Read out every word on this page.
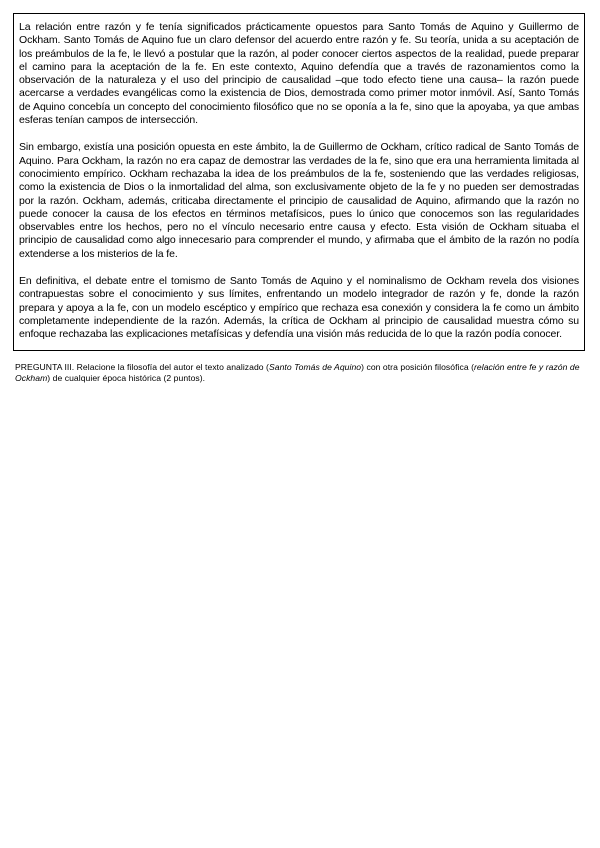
La relación entre razón y fe tenía significados prácticamente opuestos para Santo Tomás de Aquino y Guillermo de Ockham. Santo Tomás de Aquino fue un claro defensor del acuerdo entre razón y fe. Su teoría, unida a su aceptación de los preámbulos de la fe, le llevó a postular que la razón, al poder conocer ciertos aspectos de la realidad, puede preparar el camino para la aceptación de la fe. En este contexto, Aquino defendía que a través de razonamientos como la observación de la naturaleza y el uso del principio de causalidad –que todo efecto tiene una causa– la razón puede acercarse a verdades evangélicas como la existencia de Dios, demostrada como primer motor inmóvil. Así, Santo Tomás de Aquino concebía un concepto del conocimiento filosófico que no se oponía a la fe, sino que la apoyaba, ya que ambas esferas tenían campos de intersección.

Sin embargo, existía una posición opuesta en este ámbito, la de Guillermo de Ockham, crítico radical de Santo Tomás de Aquino. Para Ockham, la razón no era capaz de demostrar las verdades de la fe, sino que era una herramienta limitada al conocimiento empírico. Ockham rechazaba la idea de los preámbulos de la fe, sosteniendo que las verdades religiosas, como la existencia de Dios o la inmortalidad del alma, son exclusivamente objeto de la fe y no pueden ser demostradas por la razón. Ockham, además, criticaba directamente el principio de causalidad de Aquino, afirmando que la razón no puede conocer la causa de los efectos en términos metafísicos, pues lo único que conocemos son las regularidades observables entre los hechos, pero no el vínculo necesario entre causa y efecto. Esta visión de Ockham situaba el principio de causalidad como algo innecesario para comprender el mundo, y afirmaba que el ámbito de la razón no podía extenderse a los misterios de la fe.

En definitiva, el debate entre el tomismo de Santo Tomás de Aquino y el nominalismo de Ockham revela dos visiones contrapuestas sobre el conocimiento y sus límites, enfrentando un modelo integrador de razón y fe, donde la razón prepara y apoya a la fe, con un modelo escéptico y empírico que rechaza esa conexión y considera la fe como un ámbito completamente independiente de la razón. Además, la crítica de Ockham al principio de causalidad muestra cómo su enfoque rechazaba las explicaciones metafísicas y defendía una visión más reducida de lo que la razón podía conocer.

PREGUNTA III. Relacione la filosofía del autor el texto analizado (Santo Tomás de Aquino) con otra posición filosófica (relación entre fe y razón de Ockham) de cualquier época histórica (2 puntos).
